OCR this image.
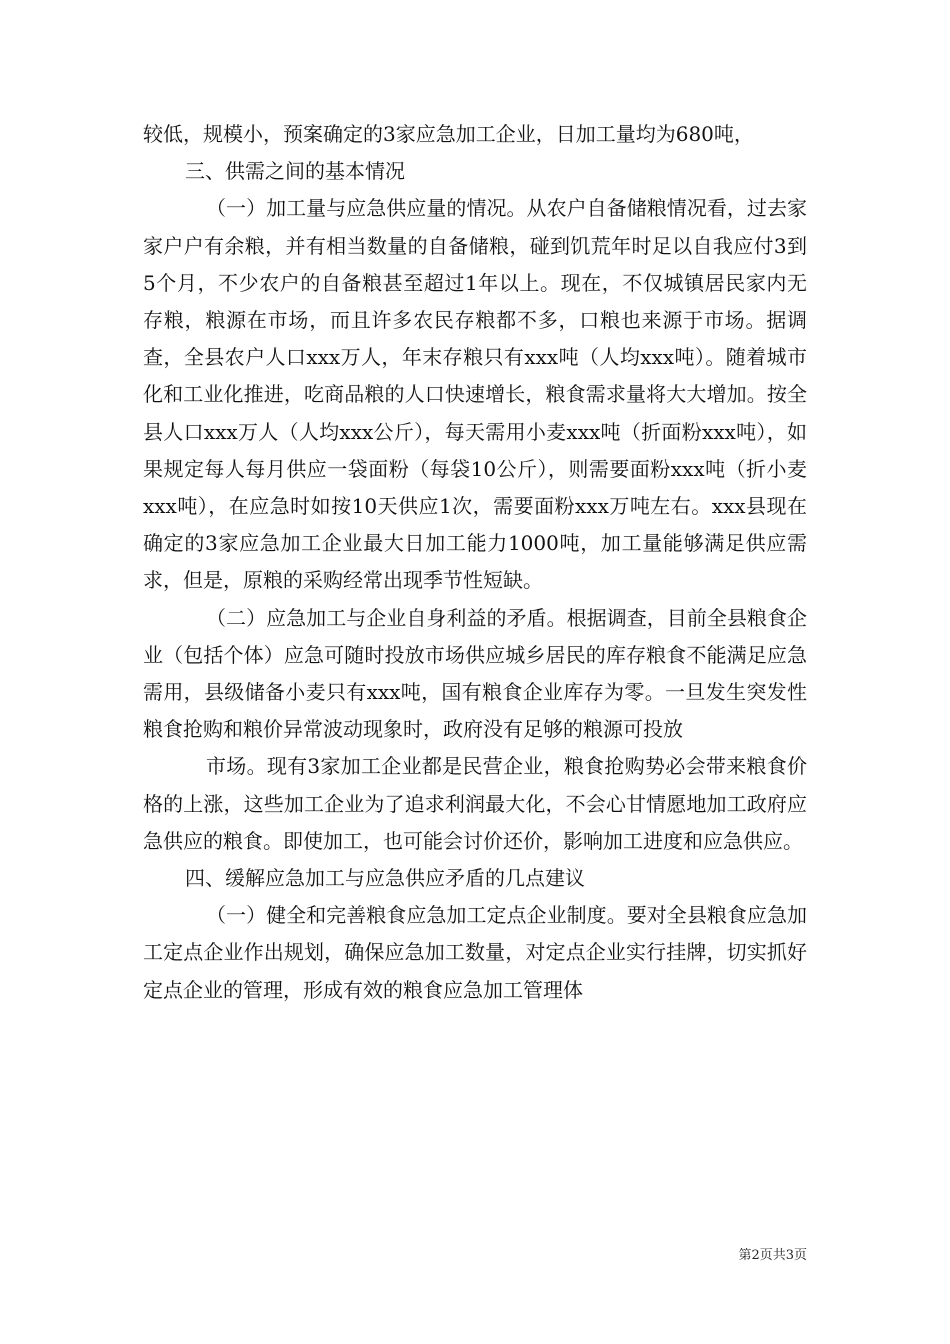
较低，规模小，预案确定的3家应急加工企业，日加工量均为680吨，

三、供需之间的基本情况

（一）加工量与应急供应量的情况。从农户自备储粮情况看，过去家家户户有余粮，并有相当数量的自备储粮，碰到饥荒年时足以自我应付3到5个月，不少农户的自备粮甚至超过1年以上。现在，不仅城镇居民家内无存粮，粮源在市场，而且许多农民存粮都不多，口粮也来源于市场。据调查，全县农户人口xxx万人，年末存粮只有xxx吨（人均xxx吨）。随着城市化和工业化推进，吃商品粮的人口快速增长，粮食需求量将大大增加。按全县人口xxx万人（人均xxx公斤），每天需用小麦xxx吨（折面粉xxx吨），如果规定每人每月供应一袋面粉（每袋10公斤），则需要面粉xxx吨（折小麦xxx吨），在应急时如按10天供应1次，需要面粉xxx万吨左右。xxx县现在确定的3家应急加工企业最大日加工能力1000吨，加工量能够满足供应需求，但是，原粮的采购经常出现季节性短缺。

（二）应急加工与企业自身利益的矛盾。根据调查，目前全县粮食企业（包括个体）应急可随时投放市场供应城乡居民的库存粮食不能满足应急需用，县级储备小麦只有xxx吨，国有粮食企业库存为零。一旦发生突发性粮食抢购和粮价异常波动现象时，政府没有足够的粮源可投放

市场。现有3家加工企业都是民营企业，粮食抢购势必会带来粮食价格的上涨，这些加工企业为了追求利润最大化，不会心甘情愿地加工政府应急供应的粮食。即使加工，也可能会讨价还价，影响加工进度和应急供应。

四、缓解应急加工与应急供应矛盾的几点建议

（一）健全和完善粮食应急加工定点企业制度。要对全县粮食应急加工定点企业作出规划，确保应急加工数量，对定点企业实行挂牌，切实抓好定点企业的管理，形成有效的粮食应急加工管理体

第2页共3页
